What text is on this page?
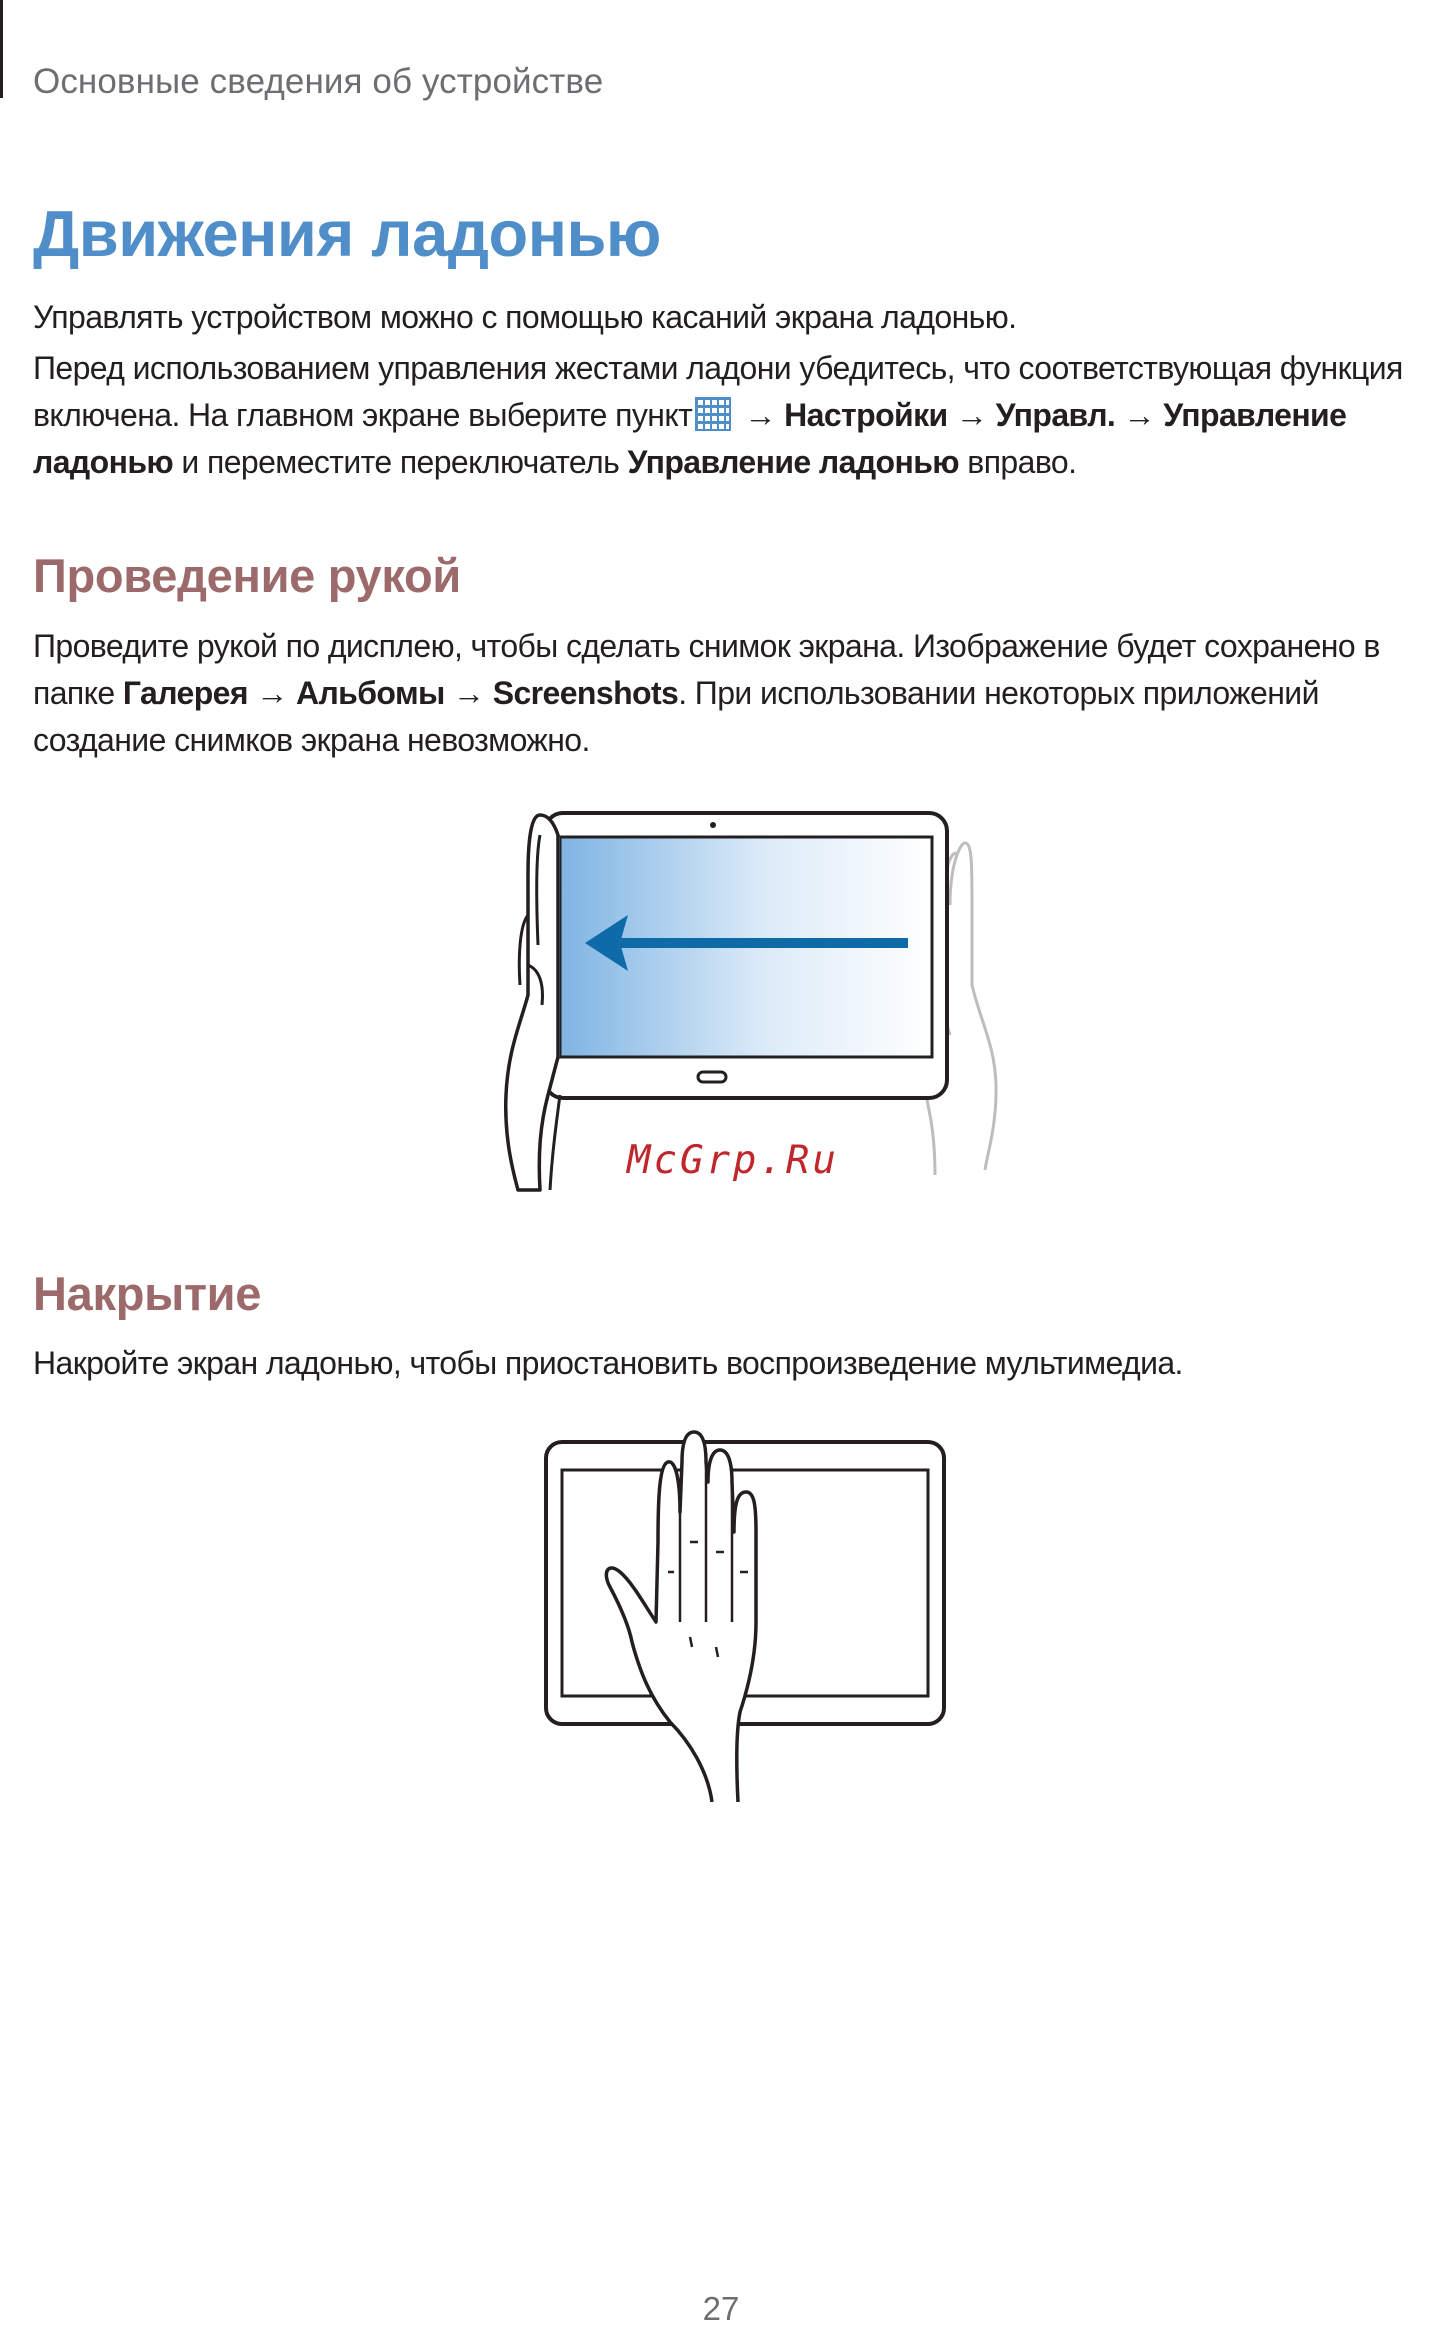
Основные сведения об устройстве
Движения ладонью
Управлять устройством можно с помощью касаний экрана ладонью.
Перед использованием управления жестами ладони убедитесь, что соответствующая функция включена. На главном экране выберите пункт → Настройки → Управл. → Управление ладонью и переместите переключатель Управление ладонью вправо.
Проведение рукой
Проведите рукой по дисплею, чтобы сделать снимок экрана. Изображение будет сохранено в папке Галерея → Альбомы → Screenshots. При использовании некоторых приложений создание снимков экрана невозможно.
McGrp.Ru
Накрытие
Накройте экран ладонью, чтобы приостановить воспроизведение мультимедиа.
27
